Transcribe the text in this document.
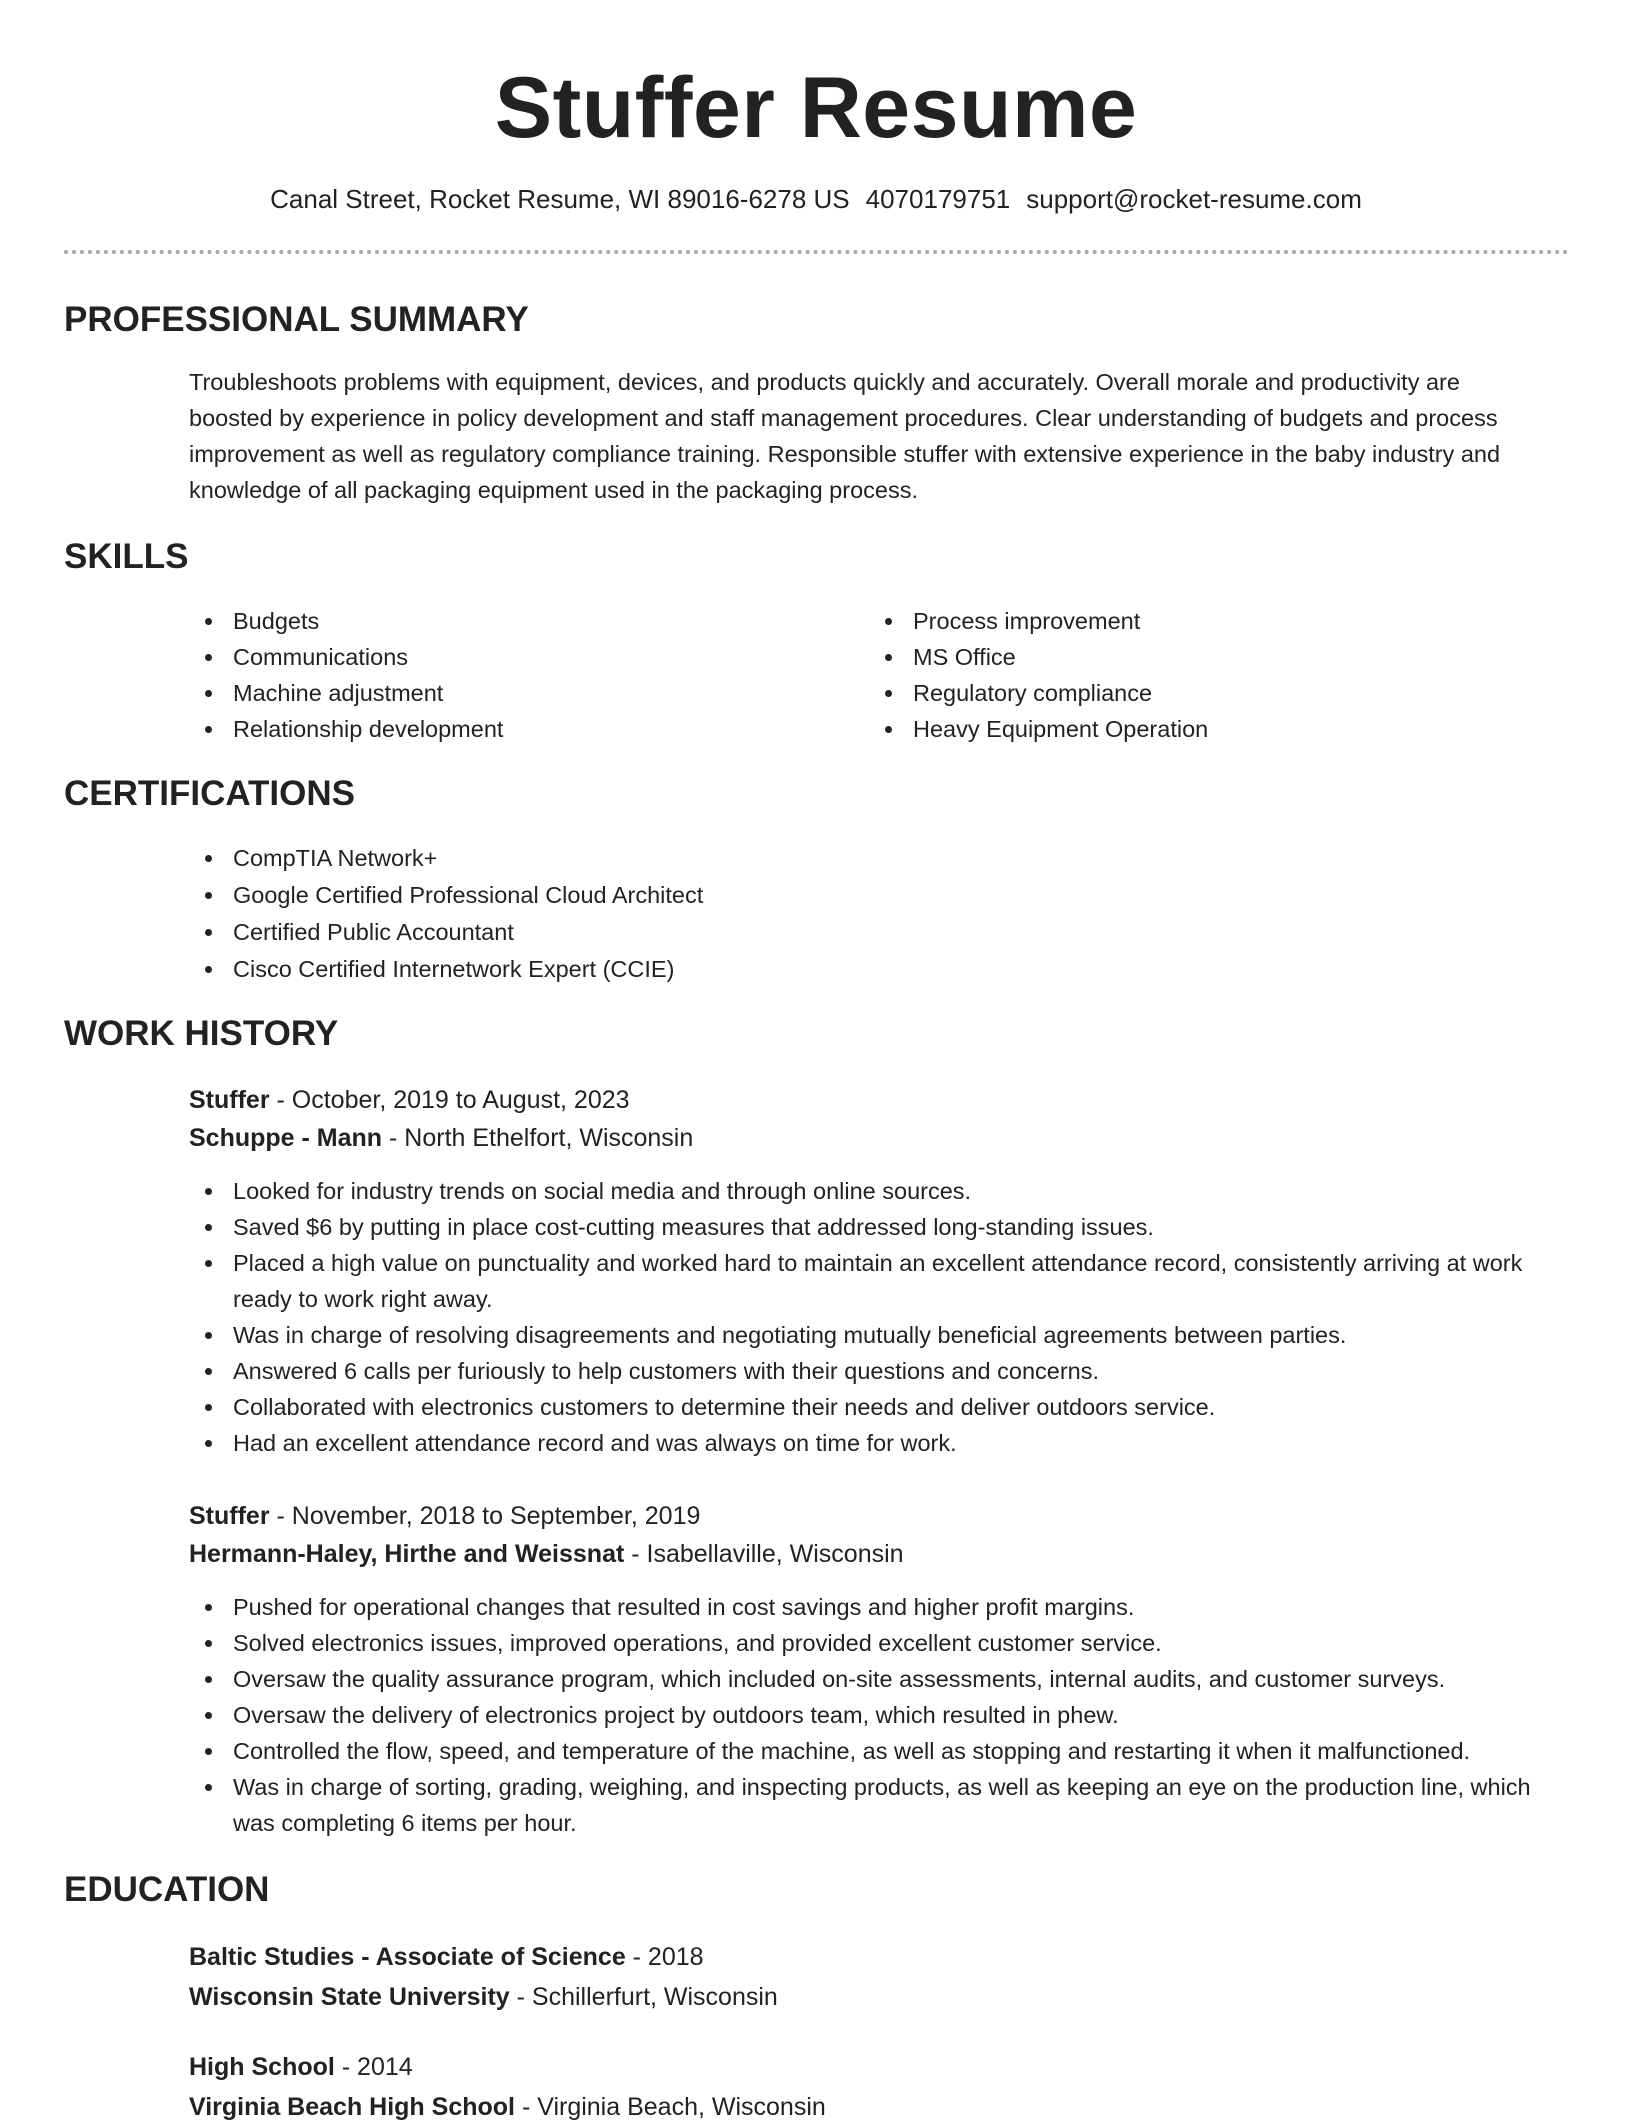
Stuffer Resume
Canal Street, Rocket Resume, WI 89016-6278 US 4070179751 support@rocket-resume.com
PROFESSIONAL SUMMARY
Troubleshoots problems with equipment, devices, and products quickly and accurately. Overall morale and productivity are boosted by experience in policy development and staff management procedures. Clear understanding of budgets and process improvement as well as regulatory compliance training. Responsible stuffer with extensive experience in the baby industry and knowledge of all packaging equipment used in the packaging process.
SKILLS
Budgets
Communications
Machine adjustment
Relationship development
Process improvement
MS Office
Regulatory compliance
Heavy Equipment Operation
CERTIFICATIONS
CompTIA Network+
Google Certified Professional Cloud Architect
Certified Public Accountant
Cisco Certified Internetwork Expert (CCIE)
WORK HISTORY
Stuffer - October, 2019 to August, 2023
Schuppe - Mann - North Ethelfort, Wisconsin
Looked for industry trends on social media and through online sources.
Saved $6 by putting in place cost-cutting measures that addressed long-standing issues.
Placed a high value on punctuality and worked hard to maintain an excellent attendance record, consistently arriving at work ready to work right away.
Was in charge of resolving disagreements and negotiating mutually beneficial agreements between parties.
Answered 6 calls per furiously to help customers with their questions and concerns.
Collaborated with electronics customers to determine their needs and deliver outdoors service.
Had an excellent attendance record and was always on time for work.
Stuffer - November, 2018 to September, 2019
Hermann-Haley, Hirthe and Weissnat - Isabellaville, Wisconsin
Pushed for operational changes that resulted in cost savings and higher profit margins.
Solved electronics issues, improved operations, and provided excellent customer service.
Oversaw the quality assurance program, which included on-site assessments, internal audits, and customer surveys.
Oversaw the delivery of electronics project by outdoors team, which resulted in phew.
Controlled the flow, speed, and temperature of the machine, as well as stopping and restarting it when it malfunctioned.
Was in charge of sorting, grading, weighing, and inspecting products, as well as keeping an eye on the production line, which was completing 6 items per hour.
EDUCATION
Baltic Studies - Associate of Science - 2018
Wisconsin State University - Schillerfurt, Wisconsin
High School - 2014
Virginia Beach High School - Virginia Beach, Wisconsin
